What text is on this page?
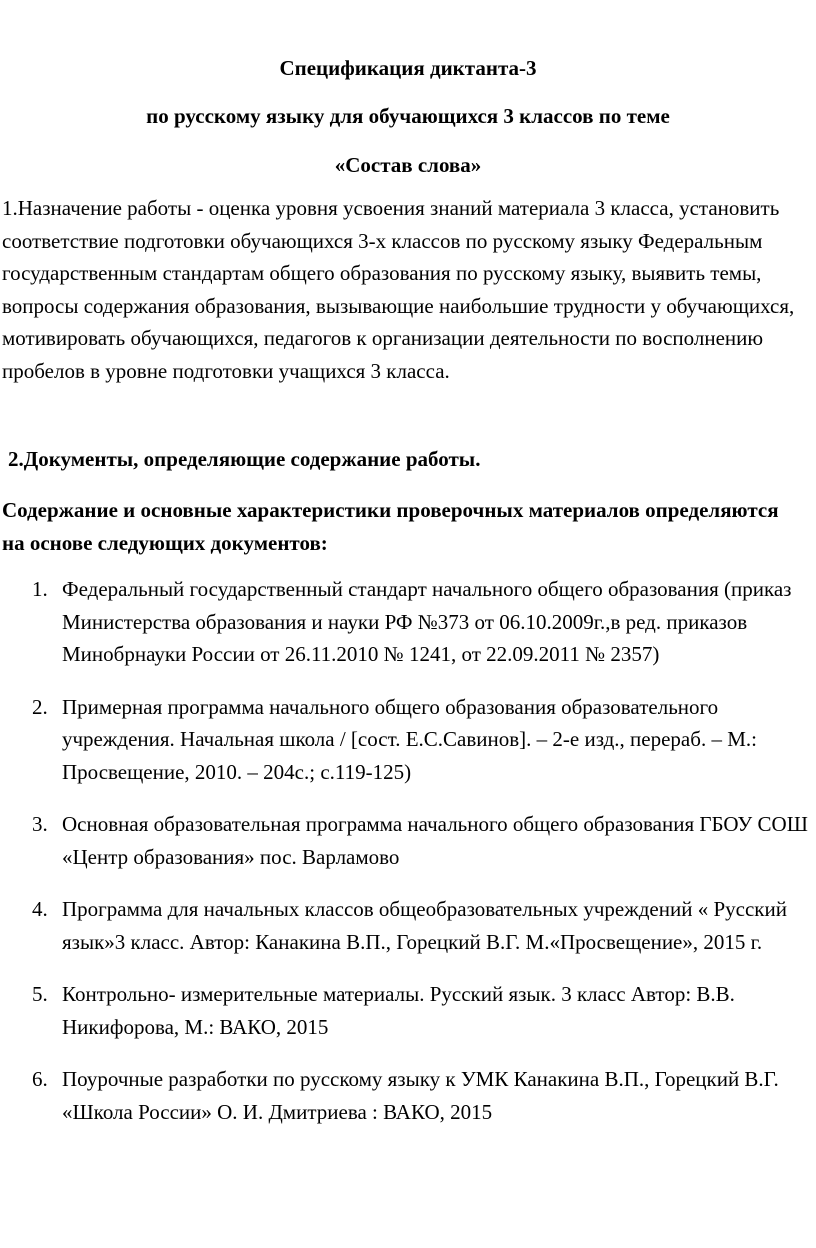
Спецификация диктанта-3

по русскому языку для обучающихся 3 классов по теме

«Состав слова»

1.Назначение работы - оценка уровня усвоения знаний материала 3 класса, установить соответствие подготовки обучающихся 3-х классов по русскому языку Федеральным государственным стандартам общего образования по русскому языку, выявить темы, вопросы содержания образования, вызывающие наибольшие трудности у обучающихся, мотивировать обучающихся, педагогов к организации деятельности по восполнению пробелов в уровне подготовки учащихся 3 класса.

2.Документы, определяющие содержание работы.

Содержание и основные характеристики проверочных материалов определяются на основе следующих документов:

1. Федеральный государственный стандарт начального общего образования (приказ Министерства образования и науки РФ №373 от 06.10.2009г.,в ред. приказов Минобрнауки России от 26.11.2010 № 1241, от 22.09.2011 № 2357)
2. Примерная программа начального общего образования образовательного учреждения. Начальная школа / [сост. Е.С.Савинов]. – 2-е изд., перераб. – М.: Просвещение, 2010. – 204с.; с.119-125)
3. Основная образовательная программа начального общего образования ГБОУ СОШ «Центр образования» пос. Варламово
4. Программа для начальных классов общеобразовательных учреждений « Русский язык»3 класс. Автор: Канакина В.П., Горецкий В.Г. М.«Просвещение», 2015 г.
5. Контрольно- измерительные материалы. Русский язык. 3 класс Автор: В.В. Никифорова, М.: ВАКО, 2015
6. Поурочные разработки по русскому языку к УМК Канакина В.П., Горецкий В.Г. «Школа России» О. И. Дмитриева : ВАКО, 2015
